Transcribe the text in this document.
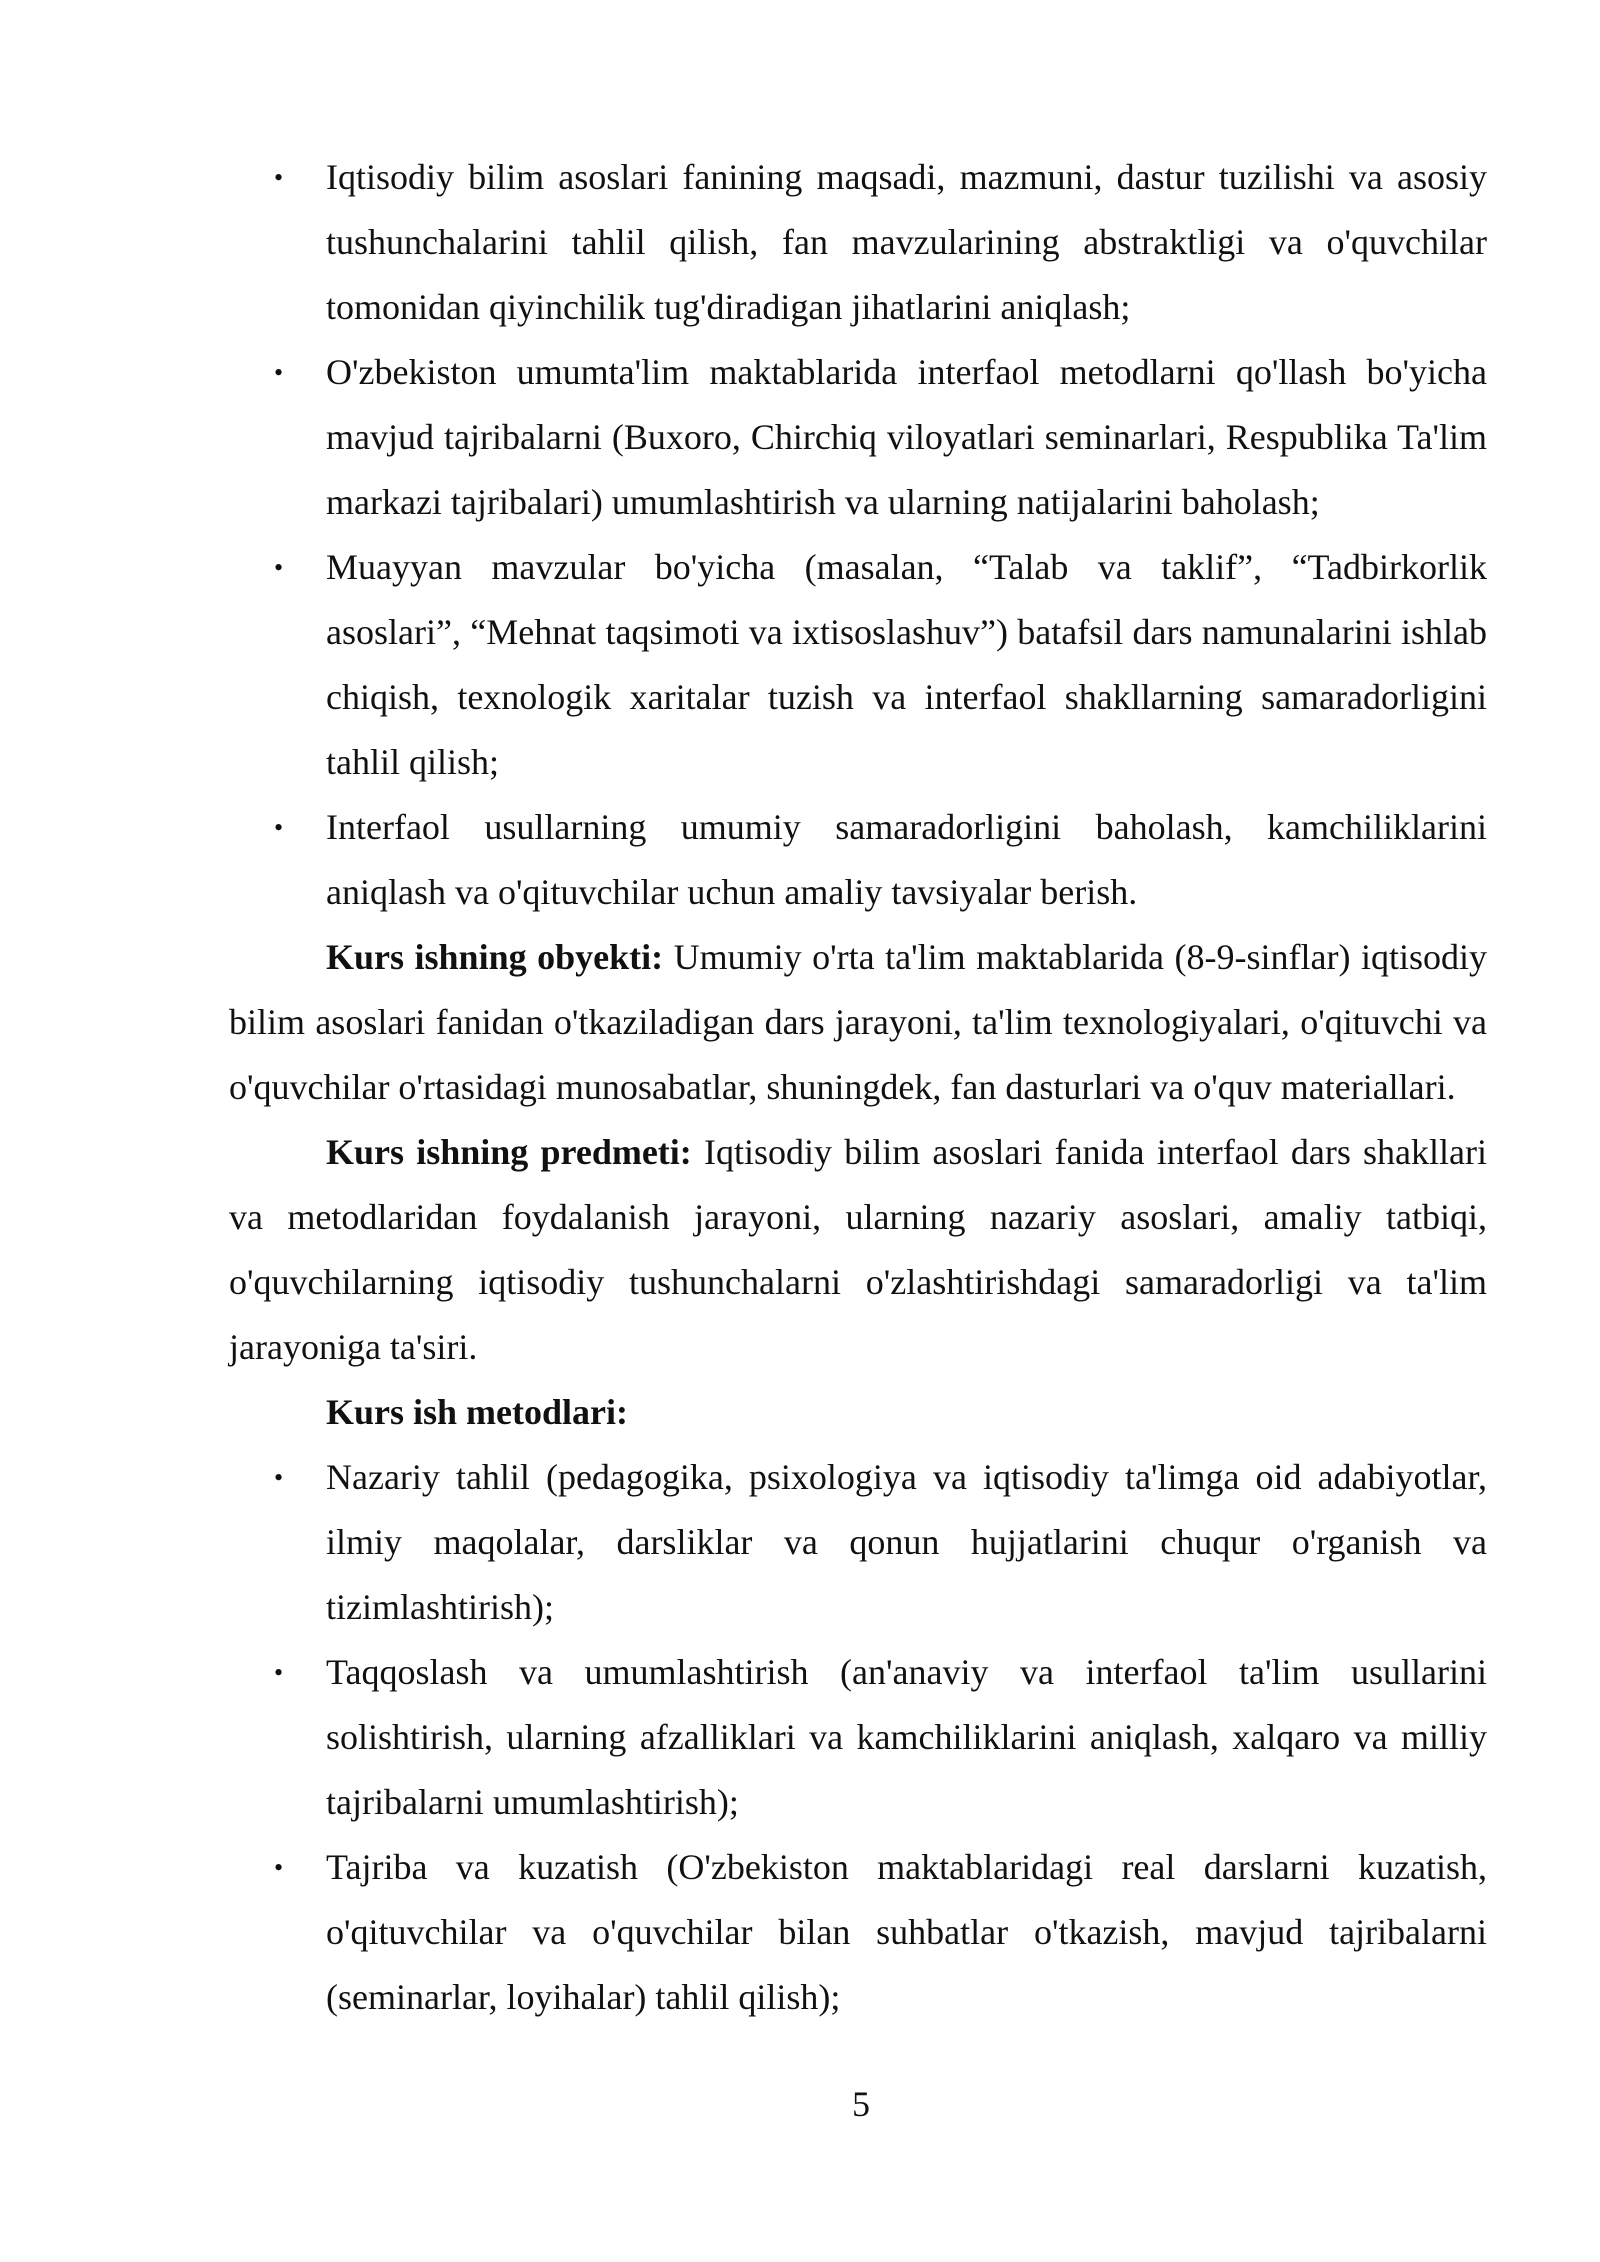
• Iqtisodiy bilim asoslari fanining maqsadi, mazmuni, dastur tuzilishi va asosiy tushunchalarini tahlil qilish, fan mavzularining abstraktligi va o'quvchilar tomonidan qiyinchilik tug'diradigan jihatlarini aniqlash;
• O'zbekiston umumta'lim maktablarida interfaol metodlarni qo'llash bo'yicha mavjud tajribalarni (Buxoro, Chirchiq viloyatlari seminarlari, Respublika Ta'lim markazi tajribalari) umumlashtirish va ularning natijalarini baholash;
• Muayyan mavzular bo'yicha (masalan, “Talab va taklif”, “Tadbirkorlik asoslari”, “Mehnat taqsimoti va ixtisoslashuv”) batafsil dars namunalarini ishlab chiqish, texnologik xaritalar tuzish va interfaol shakllarning samaradorligini tahlil qilish;
• Interfaol usullarning umumiy samaradorligini baholash, kamchiliklarini aniqlash va o'qituvchilar uchun amaliy tavsiyalar berish.

Kurs ishning obyekti: Umumiy o'rta ta'lim maktablarida (8-9-sinflar) iqtisodiy bilim asoslari fanidan o'tkaziladigan dars jarayoni, ta'lim texnologiyalari, o'qituvchi va o'quvchilar o'rtasidagi munosabatlar, shuningdek, fan dasturlari va o'quv materiallari.

Kurs ishning predmeti: Iqtisodiy bilim asoslari fanida interfaol dars shakllari va metodlaridan foydalanish jarayoni, ularning nazariy asoslari, amaliy tatbiqi, o'quvchilarning iqtisodiy tushunchalarni o'zlashtirishdagi samaradorligi va ta'lim jarayoniga ta'siri.

Kurs ish metodlari:

• Nazariy tahlil (pedagogika, psixologiya va iqtisodiy ta'limga oid adabiyotlar, ilmiy maqolalar, darsliklar va qonun hujjatlarini chuqur o'rganish va tizimlashtirish);
• Taqqoslash va umumlashtirish (an'anaviy va interfaol ta'lim usullarini solishtirish, ularning afzalliklari va kamchiliklarini aniqlash, xalqaro va milliy tajribalarni umumlashtirish);
• Tajriba va kuzatish (O'zbekiston maktablaridagi real darslarni kuzatish, o'qituvchilar va o'quvchilar bilan suhbatlar o'tkazish, mavjud tajribalarni (seminarlar, loyihalar) tahlil qilish);
5
